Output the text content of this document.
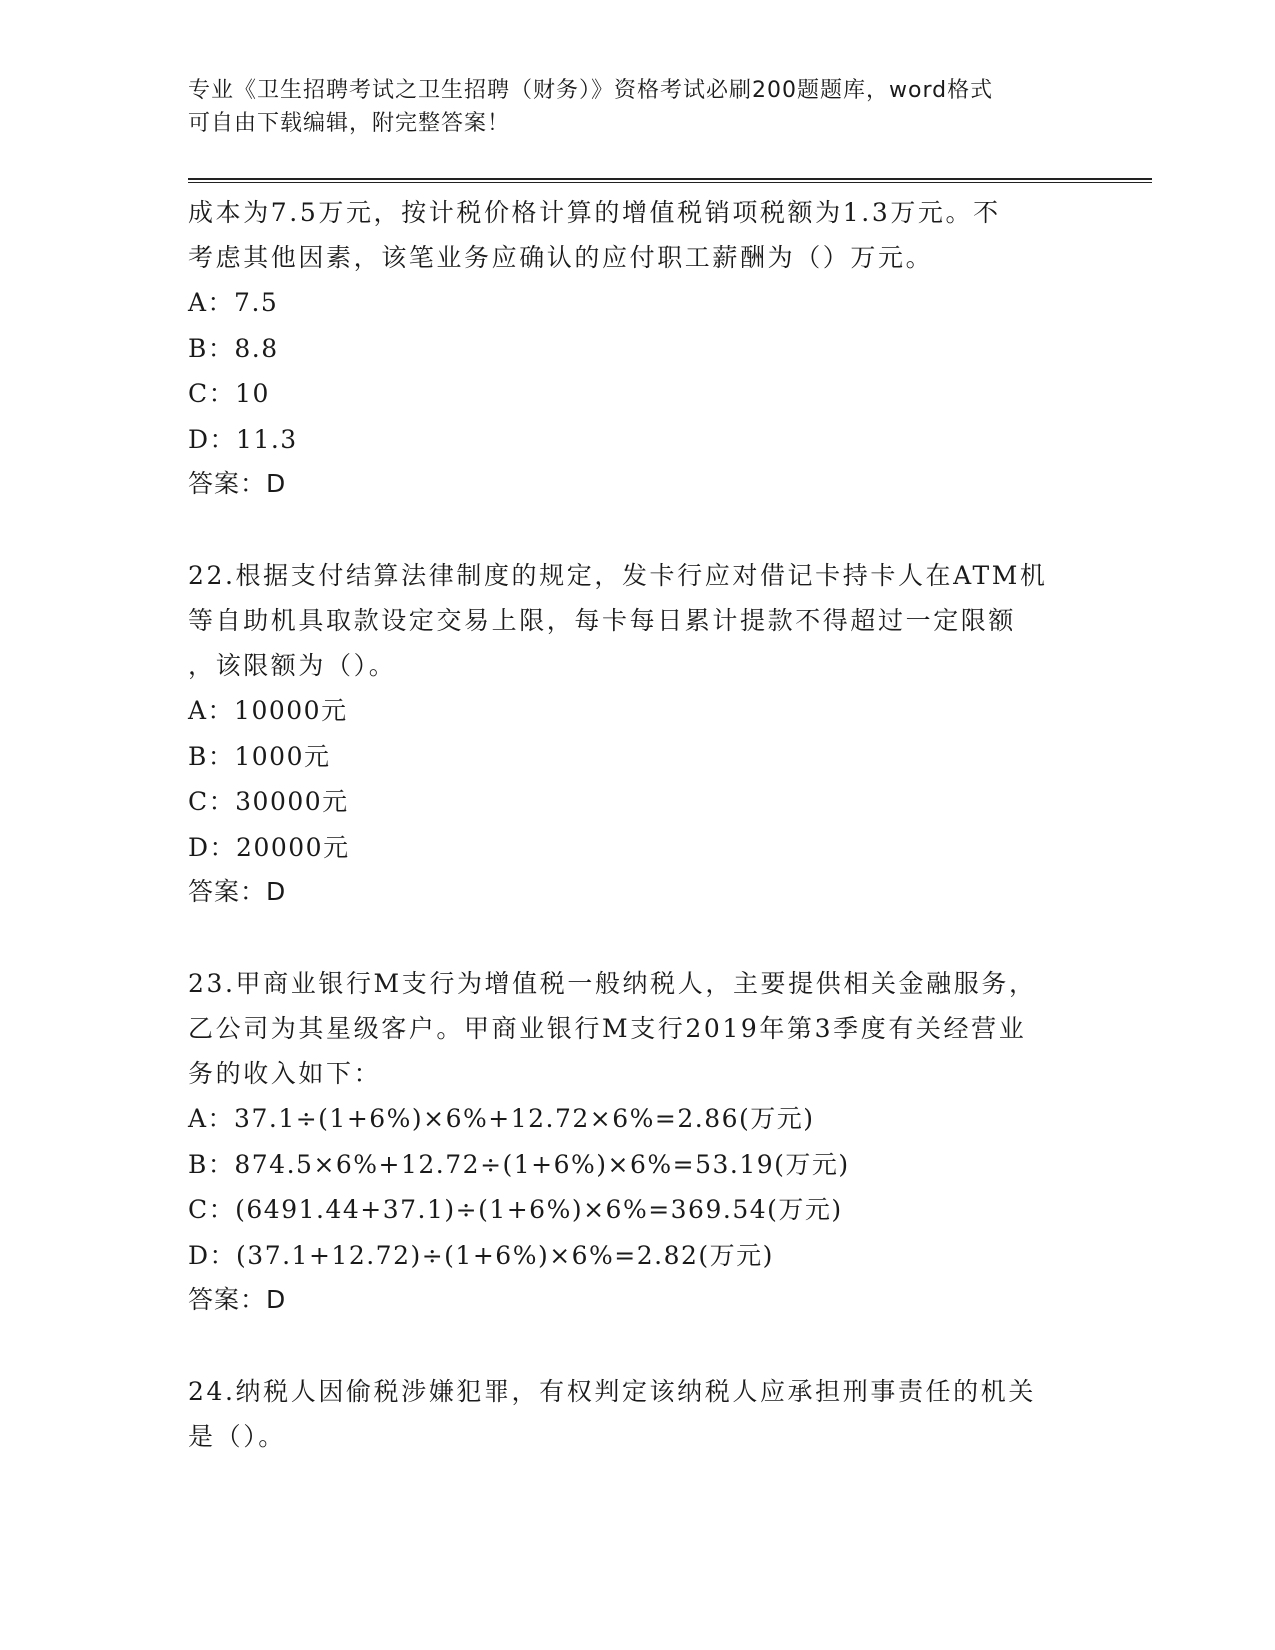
专业《卫生招聘考试之卫生招聘（财务）》资格考试必刷200题题库，word格式
可自由下载编辑，附完整答案！

成本为7.5万元，按计税价格计算的增值税销项税额为1.3万元。不

考虑其他因素，该笔业务应确认的应付职工薪酬为（）万元。

A：7.5

B：8.8

C：10

D：11.3

答案：D

22.根据支付结算法律制度的规定，发卡行应对借记卡持卡人在ATM机

等自助机具取款设定交易上限，每卡每日累计提款不得超过一定限额

，该限额为（）。

A：10000元

B：1000元

C：30000元

D：20000元

答案：D

23.甲商业银行M支行为增值税一般纳税人，主要提供相关金融服务，

乙公司为其星级客户。甲商业银行M支行2019年第3季度有关经营业

务的收入如下：

A：37.1÷(1+6%)×6%+12.72×6%=2.86(万元)

B：874.5×6%+12.72÷(1+6%)×6%=53.19(万元)

C：(6491.44+37.1)÷(1+6%)×6%=369.54(万元)

D：(37.1+12.72)÷(1+6%)×6%=2.82(万元)

答案：D

24.纳税人因偷税涉嫌犯罪，有权判定该纳税人应承担刑事责任的机关

是（）。
